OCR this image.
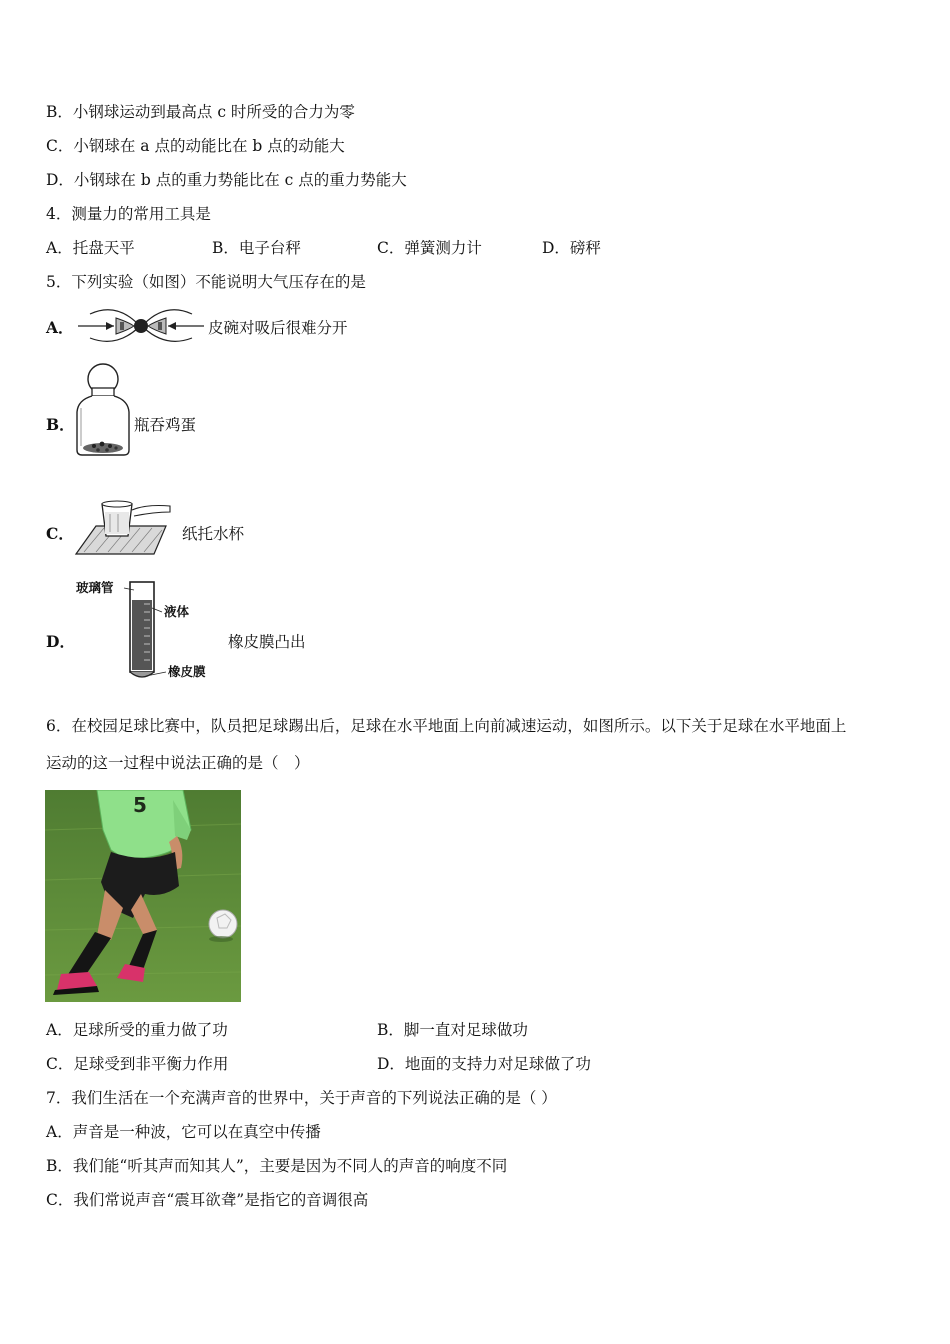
B．小钢球运动到最高点 c 时所受的合力为零
C．小钢球在 a 点的动能比在 b 点的动能大
D．小钢球在 b 点的重力势能比在 c 点的重力势能大
4．测量力的常用工具是
A．托盘天平	B．电子台秤	C．弹簧测力计	D．磅秤
5．下列实验（如图）不能说明大气压存在的是
A．	皮碗对吸后很难分开
B．	瓶吞鸡蛋
C．	纸托水杯
D．
玻璃管
液体
橡皮膜
橡皮膜凸出
6．在校园足球比赛中，队员把足球踢出后，足球在水平地面上向前减速运动，如图所示。以下关于足球在水平地面上
运动的这一过程中说法正确的是（　）
5
A．足球所受的重力做了功	B．脚一直对足球做功
C．足球受到非平衡力作用	D．地面的支持力对足球做了功
7．我们生活在一个充满声音的世界中，关于声音的下列说法正确的是（ ）
A．声音是一种波，它可以在真空中传播
B．我们能“听其声而知其人”，主要是因为不同人的声音的响度不同
C．我们常说声音“震耳欲聋”是指它的音调很高
